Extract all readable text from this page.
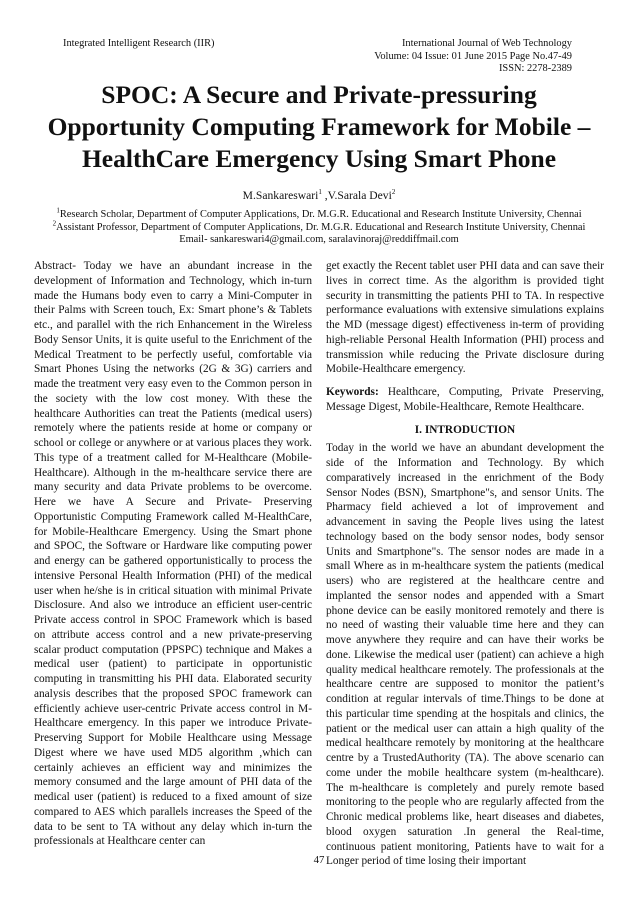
Integrated Intelligent Research (IIR)	International Journal of Web Technology
Volume: 04 Issue: 01 June 2015 Page No.47-49
ISSN: 2278-2389
SPOC: A Secure and Private-pressuring
Opportunity Computing Framework for Mobile –
HealthCare Emergency Using Smart Phone
M.Sankareswari$^1$ ,V.Sarala Devi$^2$
$^1$Research Scholar, Department of Computer Applications, Dr. M.G.R. Educational and Research Institute University, Chennai
$^2$Assistant Professor, Department of Computer Applications, Dr. M.G.R. Educational and Research Institute University, Chennai
Email- sankareswari4@gmail.com, saralavinoraj@reddiffmail.com

Abstract- Today we have an abundant increase in the development of Information and Technology, which in-turn made the Humans body even to carry a Mini-Computer in their Palms with Screen touch, Ex: Smart phone’s & Tablets etc., and parallel with the rich Enhancement in the Wireless Body Sensor Units, it is quite useful to the Enrichment of the Medical Treatment to be perfectly useful, comfortable via Smart Phones Using the networks (2G & 3G) carriers and made the treatment very easy even to the Common person in the society with the low cost money. With these the healthcare Authorities can treat the Patients (medical users) remotely where the patients reside at home or company or school or college or anywhere or at various places they work. This type of a treatment called for M-Healthcare (Mobile- Healthcare). Although in the m-healthcare service there are many security and data Private problems to be overcome. Here we have A Secure and Private- Preserving Opportunistic Computing Framework called M-HealthCare, for Mobile-Healthcare Emergency. Using the Smart phone and SPOC, the Software or Hardware like computing power and energy can be gathered opportunistically to process the intensive Personal Health Information (PHI) of the medical user when he/she is in critical situation with minimal Private Disclosure. And also we introduce an efficient user-centric Private access control in SPOC Framework which is based on attribute access control and a new private-preserving scalar product computation (PPSPC) technique and Makes a medical user (patient) to participate in opportunistic computing in transmitting his PHI data. Elaborated security analysis describes that the proposed SPOC framework can efficiently achieve user-centric Private access control in M-Healthcare emergency. In this paper we introduce Private-Preserving Support for Mobile Healthcare using Message Digest where we have used MD5 algorithm ,which can certainly achieves an efficient way and minimizes the memory consumed and the large amount of PHI data of the medical user (patient) is reduced to a fixed amount of size compared to AES which parallels increases the Speed of the data to be sent to TA without any delay which in-turn the professionals at Healthcare center can

get exactly the Recent tablet user PHI data and can save their lives in correct time. As the algorithm is provided tight security in transmitting the patients PHI to TA. In respective performance evaluations with extensive simulations explains the MD (message digest) effectiveness in-term of providing high-reliable Personal Health Information (PHI) process and transmission while reducing the Private disclosure during Mobile-Healthcare emergency.

Keywords: Healthcare, Computing, Private Preserving, Message Digest, Mobile-Healthcare, Remote Healthcare.

I. INTRODUCTION

Today in the world we have an abundant development the side of the Information and Technology. By which comparatively increased in the enrichment of the Body Sensor Nodes (BSN), Smartphone"s, and sensor Units. The Pharmacy field achieved a lot of improvement and advancement in saving the People lives using the latest technology based on the body sensor nodes, body sensor Units and Smartphone"s. The sensor nodes are made in a small Where as in m-healthcare system the patients (medical users) who are registered at the healthcare centre and implanted the sensor nodes and appended with a Smart phone device can be easily monitored remotely and there is no need of wasting their valuable time here and they can move anywhere they require and can have their works be done. Likewise the medical user (patient) can achieve a high quality medical healthcare remotely. The professionals at the healthcare centre are supposed to monitor the patient’s condition at regular intervals of time.Things to be done at this particular time spending at the hospitals and clinics, the patient or the medical user can attain a high quality of the medical healthcare remotely by monitoring at the healthcare centre by a TrustedAuthority (TA). The above scenario can come under the mobile healthcare system (m-healthcare). The m-healthcare is completely and purely remote based monitoring to the people who are regularly affected from the Chronic medical problems like, heart diseases and diabetes, blood oxygen saturation .In general the Real-time, continuous patient monitoring, Patients have to wait for a Longer period of time losing their important

47
